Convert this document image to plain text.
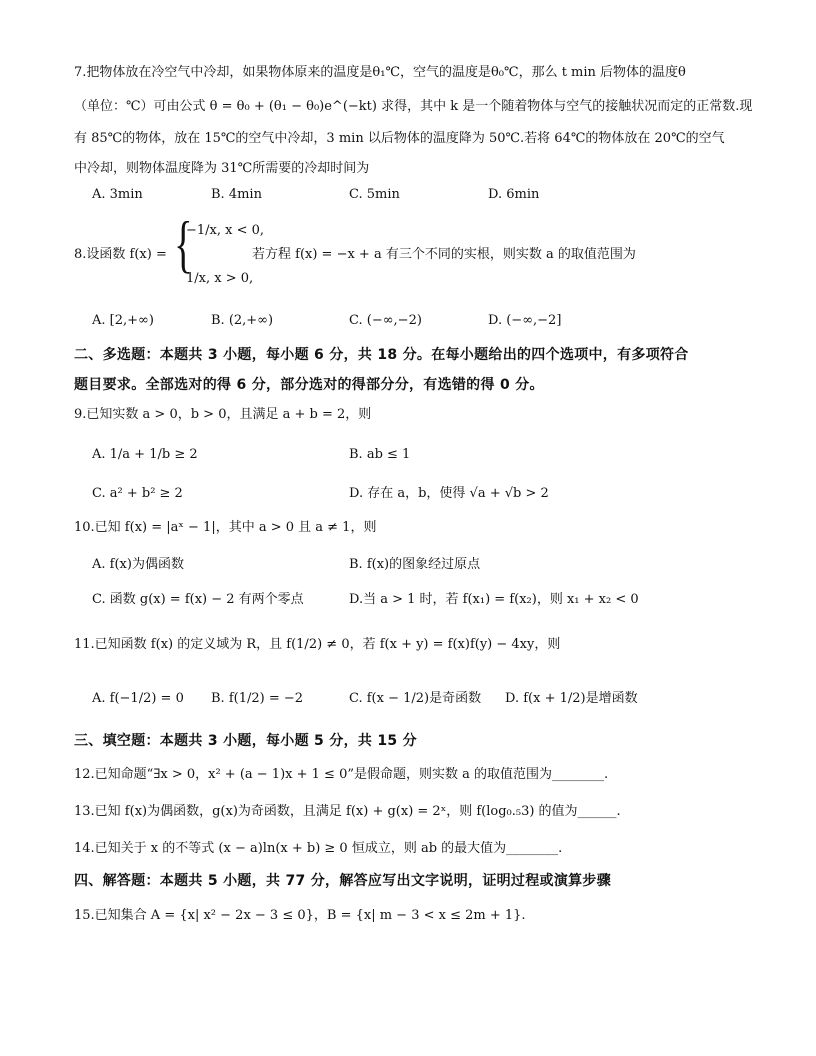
7.把物体放在冷空气中冷却，如果物体原来的温度是θ₁℃，空气的温度是θ₀℃，那么 t min 后物体的温度θ
（单位：℃）可由公式 θ = θ₀ + (θ₁ − θ₀)e^(−kt) 求得，其中 k 是一个随着物体与空气的接触状况而定的正常数.现
有 85℃的物体，放在 15℃的空气中冷却，3 min 以后物体的温度降为 50℃.若将 64℃的物体放在 20℃的空气
中冷却，则物体温度降为 31℃所需要的冷却时间为
A. 3min	B. 4min	C. 5min	D. 6min
8.设函数 f(x) = {
−1/x, x < 0,
1/x, x > 0,
若方程 f(x) = −x + a 有三个不同的实根，则实数 a 的取值范围为
A. [2,+∞)	B. (2,+∞)	C. (−∞,−2)	D. (−∞,−2]
二、多选题：本题共 3 小题，每小题 6 分，共 18 分。在每小题给出的四个选项中，有多项符合
题目要求。全部选对的得 6 分，部分选对的得部分分，有选错的得 0 分。
9.已知实数 a > 0，b > 0，且满足 a + b = 2，则
A. 1/a + 1/b ≥ 2	B. ab ≤ 1
C. a² + b² ≥ 2	D. 存在 a，b，使得 √a + √b > 2
10.已知 f(x) = |aˣ − 1|，其中 a > 0 且 a ≠ 1，则
A. f(x)为偶函数	B. f(x)的图象经过原点
C. 函数 g(x) = f(x) − 2 有两个零点	D.当 a > 1 时，若 f(x₁) = f(x₂)，则 x₁ + x₂ < 0
11.已知函数 f(x) 的定义域为 R，且 f(1/2) ≠ 0，若 f(x + y) = f(x)f(y) − 4xy，则
A. f(−1/2) = 0 B. f(1/2) = −2	C. f(x − 1/2)是奇函数 D. f(x + 1/2)是增函数
三、填空题：本题共 3 小题，每小题 5 分，共 15 分
12.已知命题“∃x > 0，x² + (a − 1)x + 1 ≤ 0”是假命题，则实数 a 的取值范围为________.
13.已知 f(x)为偶函数，g(x)为奇函数，且满足 f(x) + g(x) = 2ˣ，则 f(log₀.₅3) 的值为______.
14.已知关于 x 的不等式 (x − a)ln(x + b) ≥ 0 恒成立，则 ab 的最大值为________.
四、解答题：本题共 5 小题，共 77 分，解答应写出文字说明，证明过程或演算步骤
15.已知集合 A = {x| x² − 2x − 3 ≤ 0}，B = {x| m − 3 < x ≤ 2m + 1}.
